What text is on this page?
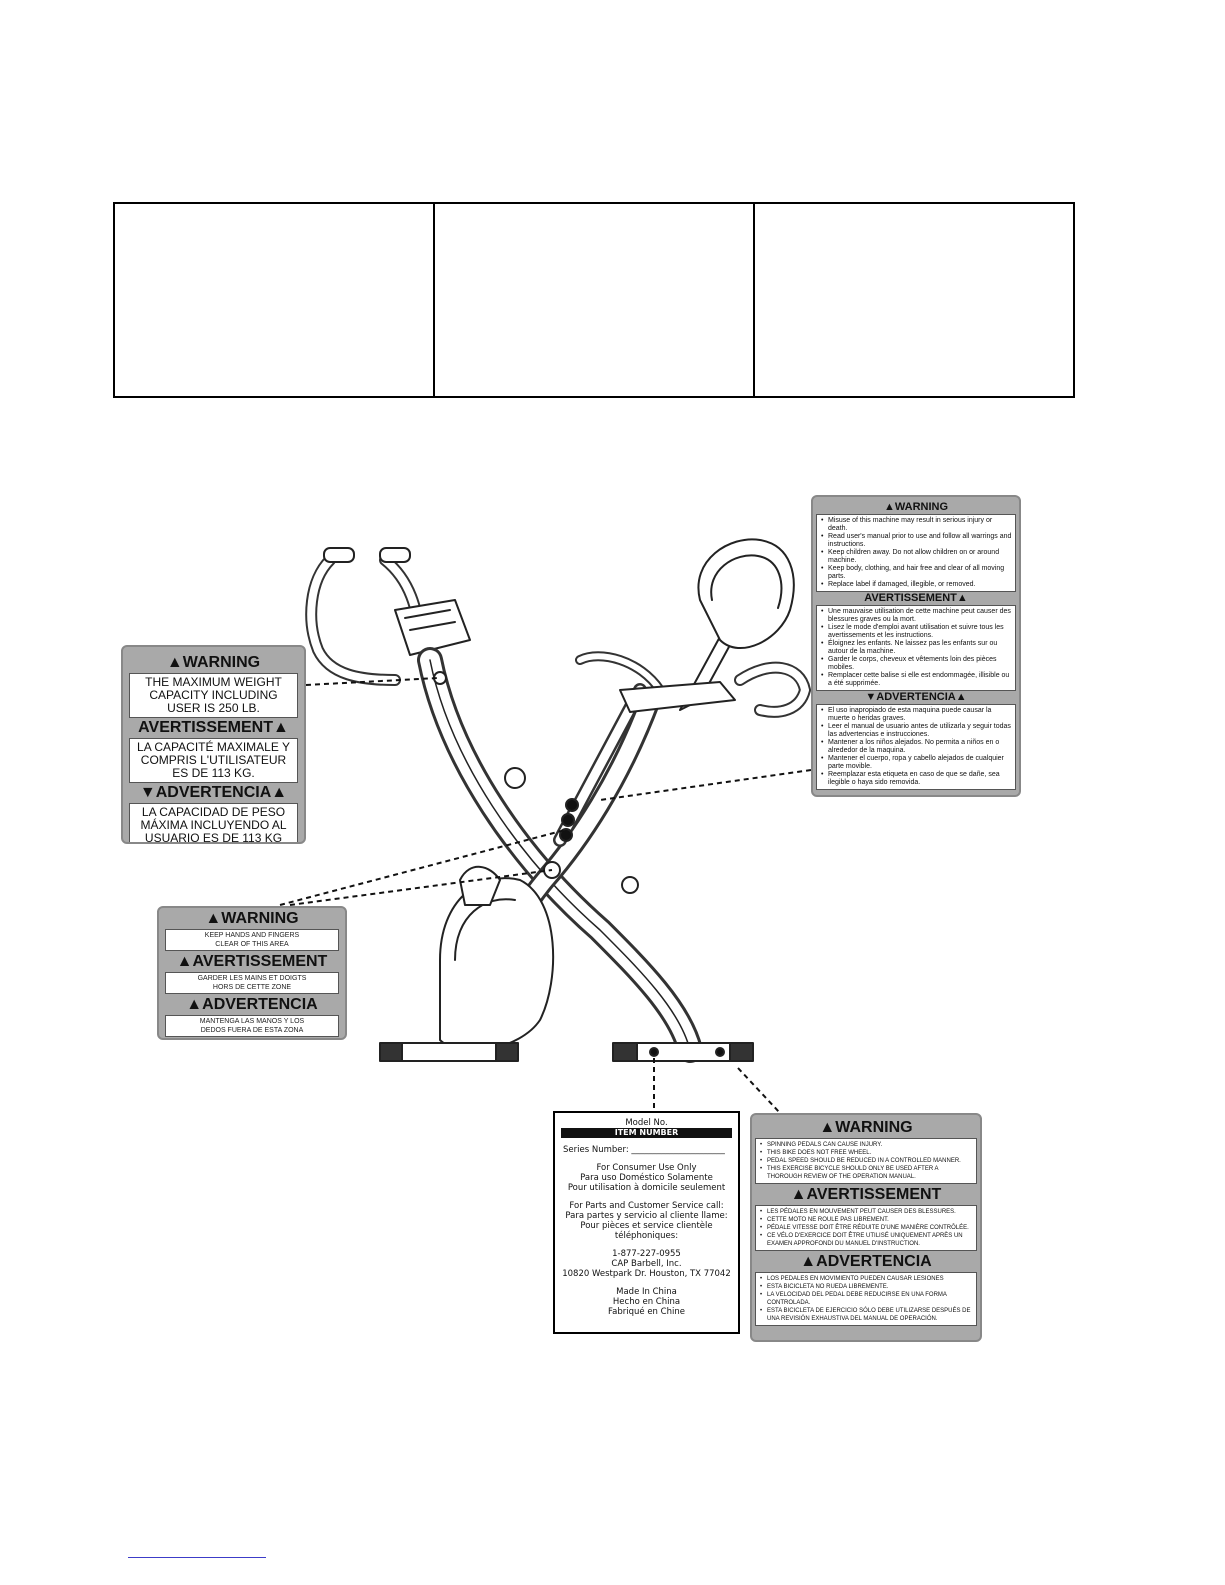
▲WARNING
THE MAXIMUM WEIGHT
CAPACITY INCLUDING
USER IS 250 LB.
AVERTISSEMENT▲
LA CAPACITÉ MAXIMALE Y
COMPRIS L'UTILISATEUR
ES DE 113 KG.
▼ADVERTENCIA▲
LA CAPACIDAD DE PESO
MÁXIMA INCLUYENDO AL
USUARIO ES DE 113 KG
▲WARNING
KEEP HANDS AND FINGERS
CLEAR OF THIS AREA
▲AVERTISSEMENT
GARDER LES MAINS ET DOIGTS
HORS DE CETTE ZONE
▲ADVERTENCIA
MANTENGA LAS MANOS Y LOS
DEDOS FUERA DE ESTA ZONA
▲WARNING
• Misuse of this machine may result in serious injury or death.
• Read user's manual prior to use and follow all warrings and instructions.
• Keep children away. Do not allow children on or around machine.
• Keep body, clothing, and hair free and clear of all moving parts.
• Replace label if damaged, illegible, or removed.
AVERTISSEMENT▲
• Une mauvaise utilisation de cette machine peut causer des blessures graves ou la mort.
• Lisez le mode d'emploi avant utilisation et suivre tous les avertissements et les instructions.
• Éloignez les enfants. Ne laissez pas les enfants sur ou autour de la machine.
• Garder le corps, cheveux et vêtements loin des pièces mobiles.
• Remplacer cette balise si elle est endommagée, illisible ou a été supprimée.
▼ADVERTENCIA▲
• El uso inapropiado de esta maquina puede causar la muerte o heridas graves.
• Leer el manual de usuario antes de utilizarla y seguir todas las advertencias e instrucciones.
• Mantener a los niños alejados. No permita a niños en o alrededor de la maquina.
• Mantener el cuerpo, ropa y cabello alejados de cualquier parte movible.
• Reemplazar esta etiqueta en caso de que se dañe, sea ilegible o haya sido removida.
Model No.
ITEM NUMBER
Series Number: ______________________
For Consumer Use Only
Para uso Doméstico Solamente
Pour utilisation à domicile seulement
For Parts and Customer Service call:
Para partes y servicio al cliente llame:
Pour pièces et service clientèle
téléphoniques:
1-877-227-0955
CAP Barbell, Inc.
10820 Westpark Dr. Houston, TX 77042
Made In China
Hecho en China
Fabriqué en Chine
▲WARNING
• SPINNING PEDALS CAN CAUSE INJURY.
• THIS BIKE DOES NOT FREE WHEEL.
• PEDAL SPEED SHOULD BE REDUCED IN A CONTROLLED MANNER.
• THIS EXERCISE BICYCLE SHOULD ONLY BE USED AFTER A THOROUGH REVIEW OF THE OPERATION MANUAL.
▲AVERTISSEMENT
• LES PÉDALES EN MOUVEMENT PEUT CAUSER DES BLESSURES.
• CETTE MOTO NE ROULE PAS LIBREMENT.
• PÉDALE VITESSE DOIT ÊTRE RÉDUITE D'UNE MANIÈRE CONTRÔLÉE.
• CE VÉLO D'EXERCICE DOIT ÊTRE UTILISÉ UNIQUEMENT APRÈS UN EXAMEN APPROFONDI DU MANUEL D'INSTRUCTION.
▲ADVERTENCIA
• LOS PEDALES EN MOVIMIENTO PUEDEN CAUSAR LESIONES
• ESTA BICICLETA NO RUEDA LIBREMENTE.
• LA VELOCIDAD DEL PEDAL DEBE REDUCIRSE EN UNA FORMA CONTROLADA.
• ESTA BICICLETA DE EJERCICIO SÓLO DEBE UTILIZARSE DESPUÉS DE UNA REVISIÓN EXHAUSTIVA DEL MANUAL DE OPERACIÓN.
